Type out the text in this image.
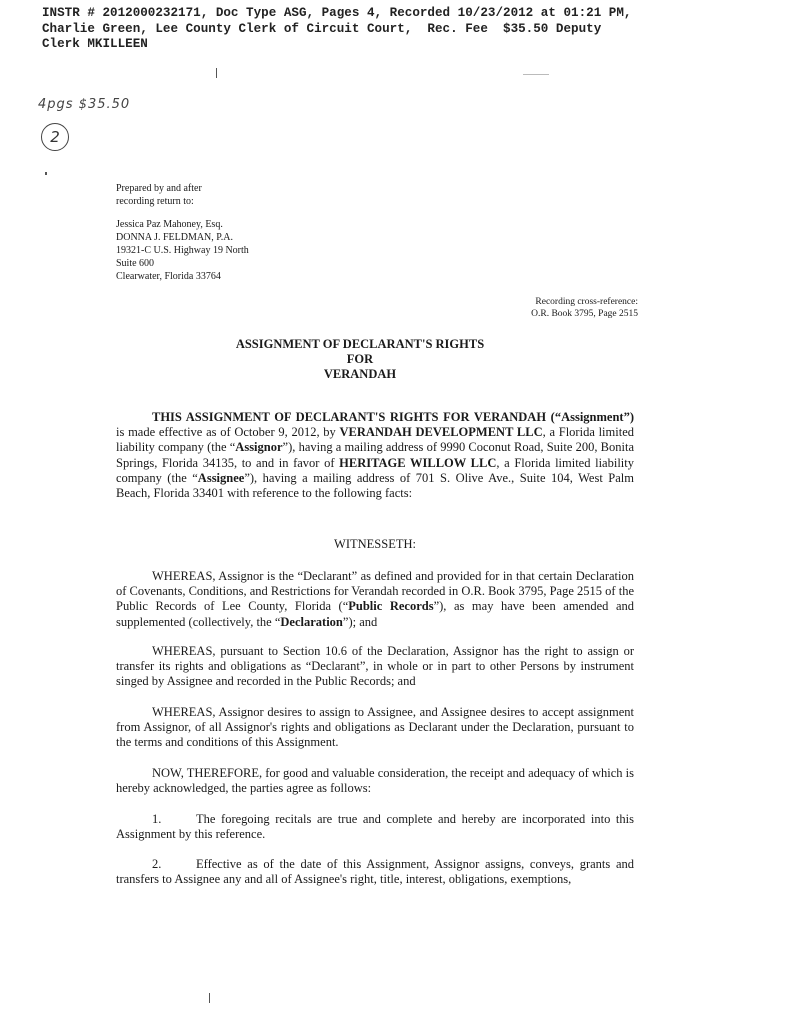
INSTR # 2012000232171, Doc Type ASG, Pages 4, Recorded 10/23/2012 at 01:21 PM,
Charlie Green, Lee County Clerk of Circuit Court,  Rec. Fee  $35.50 Deputy
Clerk MKILLEEN
4pgs $35.50
2
Prepared by and after
recording return to:
Jessica Paz Mahoney, Esq.
DONNA J. FELDMAN, P.A.
19321-C U.S. Highway 19 North
Suite 600
Clearwater, Florida 33764
Recording cross-reference:
O.R. Book 3795, Page 2515
ASSIGNMENT OF DECLARANT'S RIGHTS
FOR
VERANDAH
THIS ASSIGNMENT OF DECLARANT'S RIGHTS FOR VERANDAH (“Assignment”) is made effective as of October 9, 2012, by VERANDAH DEVELOPMENT LLC, a Florida limited liability company (the “Assignor”), having a mailing address of 9990 Coconut Road, Suite 200, Bonita Springs, Florida 34135, to and in favor of HERITAGE WILLOW LLC, a Florida limited liability company (the “Assignee”), having a mailing address of 701 S. Olive Ave., Suite 104, West Palm Beach, Florida 33401 with reference to the following facts:
WITNESSETH:
WHEREAS, Assignor is the “Declarant” as defined and provided for in that certain Declaration of Covenants, Conditions, and Restrictions for Verandah recorded in O.R. Book 3795, Page 2515 of the Public Records of Lee County, Florida (“Public Records”), as may have been amended and supplemented (collectively, the “Declaration”); and
WHEREAS, pursuant to Section 10.6 of the Declaration, Assignor has the right to assign or transfer its rights and obligations as “Declarant”, in whole or in part to other Persons by instrument singed by Assignee and recorded in the Public Records; and
WHEREAS, Assignor desires to assign to Assignee, and Assignee desires to accept assignment from Assignor, of all Assignor's rights and obligations as Declarant under the Declaration, pursuant to the terms and conditions of this Assignment.
NOW, THEREFORE, for good and valuable consideration, the receipt and adequacy of which is hereby acknowledged, the parties agree as follows:
1.	The foregoing recitals are true and complete and hereby are incorporated into this Assignment by this reference.
2.	Effective as of the date of this Assignment, Assignor assigns, conveys, grants and transfers to Assignee any and all of Assignee's right, title, interest, obligations, exemptions,
